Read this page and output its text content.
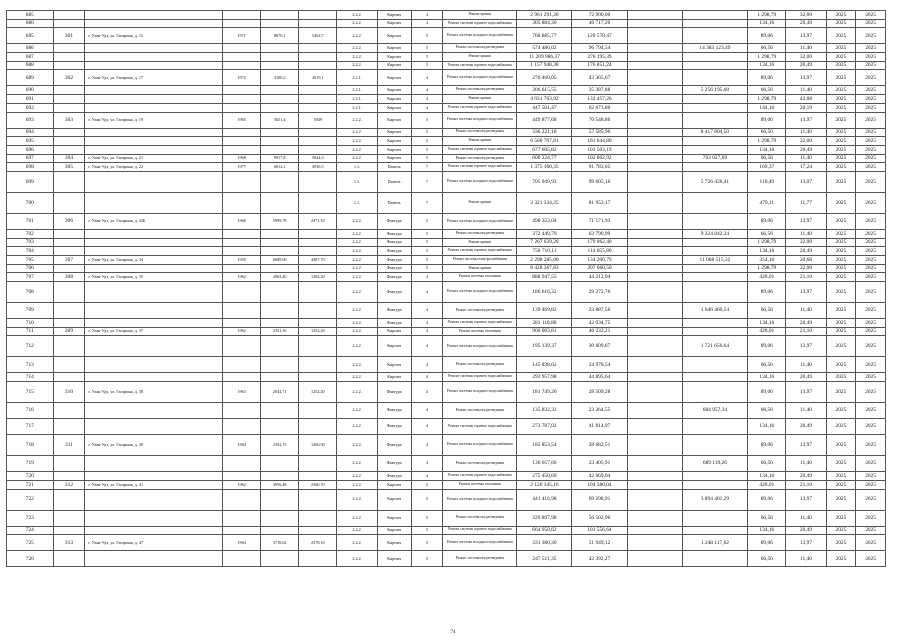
685						2.2.2.	Кирпич	4	Ремонт крыши	2 961 291,20	72 900,00			1 298,79	32,00	2025	2025
686						2.2.2.	Кирпич	4	Ремонт системы горячего водоснабжения	305 884,30	46 717,20			134,16	20,49	2025	2025
685	301	г. Улан-Удэ, ул. Гагарина, д. 15	1971	8670,1	5462,7	2.2.2.	Кирпич	5	Ремонт системы холодного водоснабжения	768 885,77	120 578,47			89,06	13,97	2025	2025
686						2.2.2.	Кирпич	5	Ремонт системы водоотведения	574 486,02	96 794,54		14 383 123,49	66,56	11,40	2025	2025
687						2.2.2.	Кирпич	5	Ремонт крыши	11 209 986,37	276 195,39			1 298,79	32,00	2025	2025
688						2.2.2.	Кирпич	5	Ремонт системы горячего водоснабжения	1 157 948,38	176 851,24			134,16	20,49	2025	2025
689	302	г. Улан-Удэ, ул. Гагарина, д. 17	1972	3100,2	2019,1	2.2.1.	Кирпич	4	Ремонт системы холодного водоснабжения	276 460,05	43 365,67			89,06	13,97	2025	2025
690						2.2.1.	Кирпич	4	Ремонт системы водоотведения	206 615,55	35 387,88		5 256 195,60	66,56	11,40	2025	2025
691						2.2.1.	Кирпич	4	Ремонт крыши	4 031 703,92	132 457,26			1 298,79	42,08	2025	2025
692						2.2.1.	Кирпич	4	Ремонт системы горячего водоснабжения	447 501,47	62 673,80			144,16	20,19	2025	2025
693	303	г. Улан-Удэ, ул. Гагарина, д. 19	1965	5651,4	5049	2.2.2.	Кирпич	5	Ремонт системы холодного водоснабжения	449 877,68	70 548,86			89,06	13,97	2025	2025
694						2.2.2.	Кирпич	5	Ремонт системы водоотведения	336 221,18	57 585,96		8 417 804,50	66,56	11,40	2025	2025
695						2.2.2.	Кирпич	5	Ремонт крыши	6 560 707,81	161 644,80			1 298,79	32,00	2025	2025
696						2.2.2.	Кирпич	5	Ремонт системы горячего водоснабжения	677 605,82	103 503,19			134,16	20,49	2025	2025
697	304	г. Улан-Удэ, ул. Гагарина, д. 21	1968	9917,8	5044,3	2.2.2.	Кирпич	5	Ремонт системы водоотведения	600 224,77	102 802,92		703 027,69	66,56	11,40	2025	2025
698	305	г. Улан-Удэ, ул. Гагарина, д. 22	1977	6812,1	4936,5	1.1.	Панель	7	Ремонт системы горячего водоснабжения	1 375 160,35	91 783,65			169,37	17,24	2025	2025
699						1.1.	Панель	7	Ремонт системы холодного водоснабжения	705 949,93	99 605,16		5 726 426,41	110,49	13,07	2025	2025
700						1.1.	Панель	7	Ремонт крыши	3 321 334,25	81 953,17			479,11	11,77	2025	2025
701	306	г. Улан-Удэ, ул. Гагарина, д. 32Б	1966	5999,78	2471,10	2.2.2.	Фактура	5	Ремонт системы холодного водоснабжения	498 353,04	71 171,93			89,06	13,97	2025	2025
702						2.2.2.	Фактура	5	Ремонт системы водоотведения	372 449,79	63 790,99		9 324 842,34	66,56	11,40	2025	2025
703						2.2.2.	Фактура	5	Ремонт крыши	7 267 639,20	179 062,40			1 298,79	32,00	2025	2025
704						2.2.2.	Фактура	5	Ремонт системы горячего водоснабжения	750 710,11	114 655,80			134,16	20,49	2025	2025
705	307	г. Улан-Удэ, ул. Гагарина, д. 34	1959	6689,06	4487,70	2.2.2.	Фактура	5	Ремонт системы электроснабжения	2 298 285,00	134 200,79		11 068 515,32	354,16	20,68	2025	2025
706						2.2.2.	Фактура	5	Ремонт крыши	8 428 367,83	207 660,50			1 298,79	32,00	2025	2025
707	308	г. Улан-Удэ, ул. Гагарина, д. 35	1962	2063,40	1282,20	2.2.2.	Фактура	4	Ремонт системы отопления	888 947,55	44 212,94			420,01	21,10	2025	2025
708						2.2.2.	Фактура	4	Ремонт системы холодного водоснабжения	186 616,32	29 272,76			89,06	13,97	2025	2025
709						2.2.2.	Фактура	4	Ремонт системы водоотведения	139 469,82	23 887,56		1 646 460,54	66,56	11,40	2025	2025
710						2.2.2.	Фактура	4	Ремонт системы горячего водоснабжения	281 118,86	42 934,75			134,16	20,49	2025	2025
711	309	г. Улан-Удэ, ул. Гагарина, д. 37	1962	2351,16	1252,20	2.2.2.	Кирпич	4	Ремонт системы отопления	900 003,81	46 232,21			420,01	21,10	2025	2025
712						2.2.2.	Кирпич	4	Ремонт системы холодного водоснабжения	195 139,37	30 609,67		1 721 656,64	89,06	13,97	2025	2025
713						2.2.2.	Кирпич	4	Ремонт системы водоотведения	145 838,62	24 978,54			66,56	11,40	2025	2025
714						2.2.2.	Кирпич	4	Ремонт системы горячего водоснабжения	293 957,98	44 895,64			134,16	20,49	2025	2025
715	310	г. Улан-Удэ, ул. Гагарина, д. 38	1963	2044,71	1252,20	2.2.2.	Фактура	4	Ремонт системы холодного водоснабжения	181 749,20	28 509,28			89,06	13,97	2025	2025
716						2.2.2.	Фактура	4	Ремонт системы водоотведения	135 832,32	23 264,55		684 957,34	66,56	11,40	2025	2025
717						2.2.2.	Фактура	4	Ремонт системы горячего водоснабжения	273 787,02	41 814,97			134,16	20,49	2025	2025
718	311	г. Улан-Удэ, ул. Гагарина, д. 40	1964	2392,15	1260,50	2.2.2.	Фактура	4	Ремонт системы холодного водоснабжения	182 853,54	28 682,51			89,06	13,97	2025	2025
719						2.2.2.	Фактура	4	Ремонт системы водоотведения	136 657,66	23 405,91		689 119,26	66,56	11,40	2025	2025
720						2.2.2.	Фактура	4	Ремонт системы горячего водоснабжения	275 450,60	42 069,04			134,16	20,49	2025	2025
721	312	г. Улан-Удэ, ул. Гагарина, д. 41	1962	3956,48	2360,70	2.2.2.	Кирпич	5	Ремонт системы отопления	2 126 345,16	104 580,04			420,01	21,10	2025	2025
722						2.2.2.	Кирпич	5	Ремонт системы холодного водоснабжения	441 416,98	69 298,91		3 894 401,29	89,06	13,97	2025	2025
723						2.2.2.	Кирпич	5	Ремонт системы водоотведения	329 897,98	56 502,96			66,56	11,40	2025	2025
724						2.2.2.	Кирпич	5	Ремонт системы горячего водоснабжения	664 950,62	101 556,64			134,16	20,49	2025	2025
725	313	г. Улан-Удэ, ул. Гагарина, д. 47	1964	3718,62	2378,10	2.2.2.	Кирпич	5	Ремонт системы холодного водоснабжения	331 380,30	51 949,12		1 248 117,62	89,06	13,97	2025	2025
726						2.2.2.	Кирпич	5	Ремонт системы водоотведения	247 511,35	42 392,27			66,56	11,40	2025	2025
74
